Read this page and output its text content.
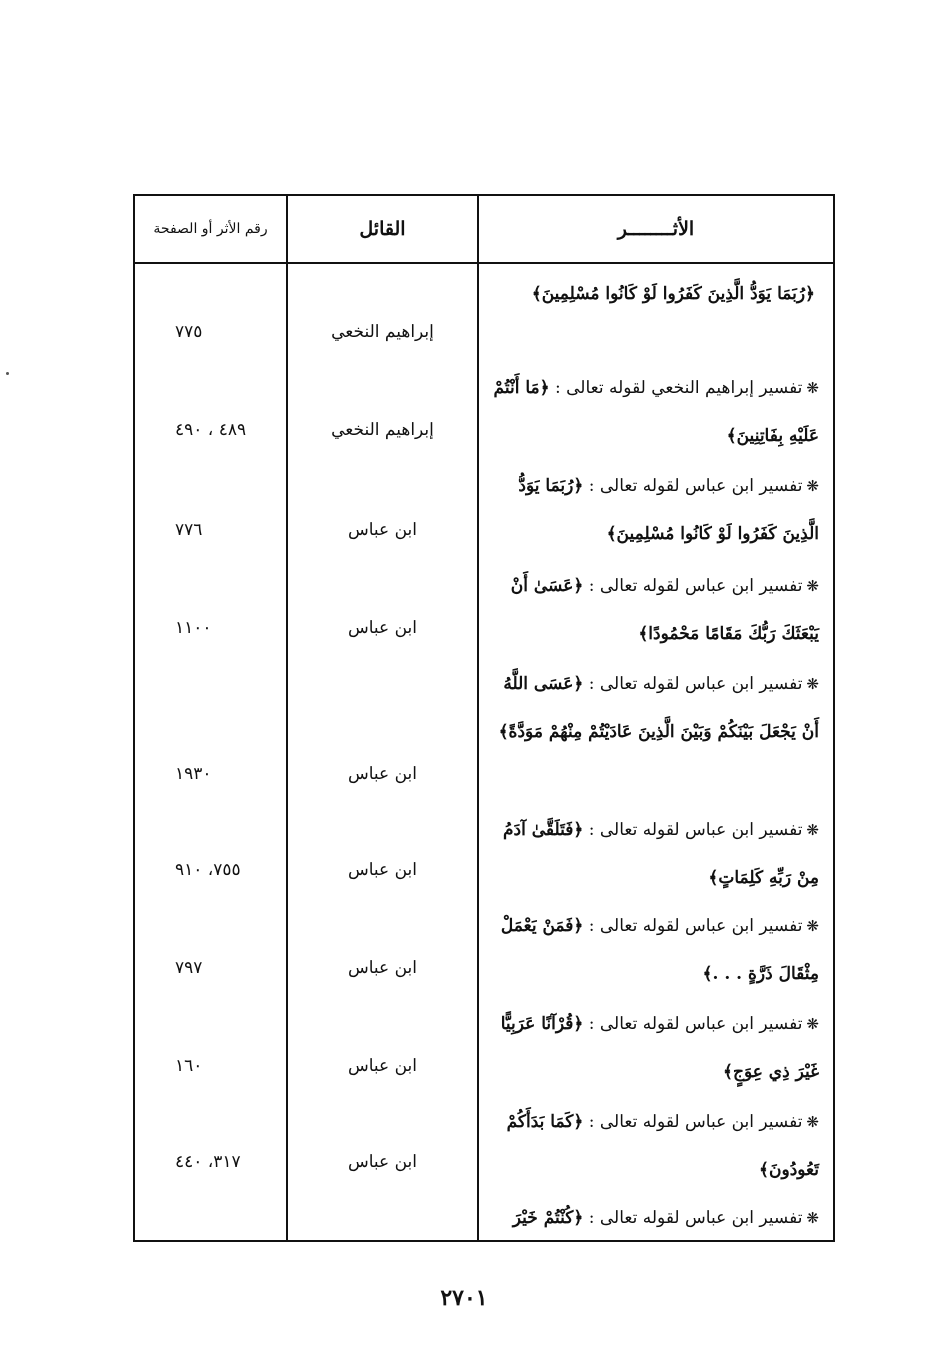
الأثــــــــر
القائل
رقم الأثر أو الصفحة
﴿رُبَمَا يَوَدُّ الَّذِينَ كَفَرُوا لَوْ كَانُوا مُسْلِمِينَ﴾
إبراهيم النخعي
٧٧٥
❋تفسير إبراهيم النخعي لقوله تعالى : ﴿مَا أَنْتُمْ عَلَيْهِ بِفَاتِنِينَ﴾
إبراهيم النخعي
٤٨٩ ، ٤٩٠
❋تفسير ابن عباس لقوله تعالى : ﴿رُبَمَا يَوَدُّ الَّذِينَ كَفَرُوا لَوْ كَانُوا مُسْلِمِينَ﴾
ابن عباس
٧٧٦
❋تفسير ابن عباس لقوله تعالى : ﴿عَسَىٰ أَنْ يَبْعَثَكَ رَبُّكَ مَقَامًا مَحْمُودًا﴾
ابن عباس
١١٠٠
❋تفسير ابن عباس لقوله تعالى : ﴿عَسَى اللَّهُ أَنْ يَجْعَلَ بَيْنَكُمْ وَبَيْنَ الَّذِينَ عَادَيْتُمْ مِنْهُمْ مَوَدَّةً﴾
ابن عباس
١٩٣٠
❋تفسير ابن عباس لقوله تعالى : ﴿فَتَلَقَّىٰ آدَمُ مِنْ رَبِّهِ كَلِمَاتٍ﴾
ابن عباس
٧٥٥، ٩١٠
❋تفسير ابن عباس لقوله تعالى : ﴿فَمَنْ يَعْمَلْ مِثْقَالَ ذَرَّةٍ . . .﴾
ابن عباس
٧٩٧
❋تفسير ابن عباس لقوله تعالى : ﴿قُرْآنًا عَرَبِيًّا غَيْرَ ذِي عِوَجٍ﴾
ابن عباس
١٦٠
❋تفسير ابن عباس لقوله تعالى : ﴿كَمَا بَدَأَكُمْ تَعُودُونَ﴾
ابن عباس
٣١٧، ٤٤٠
❋تفسير ابن عباس لقوله تعالى : ﴿كُنْتُمْ خَيْرَ
٢٧٠١
